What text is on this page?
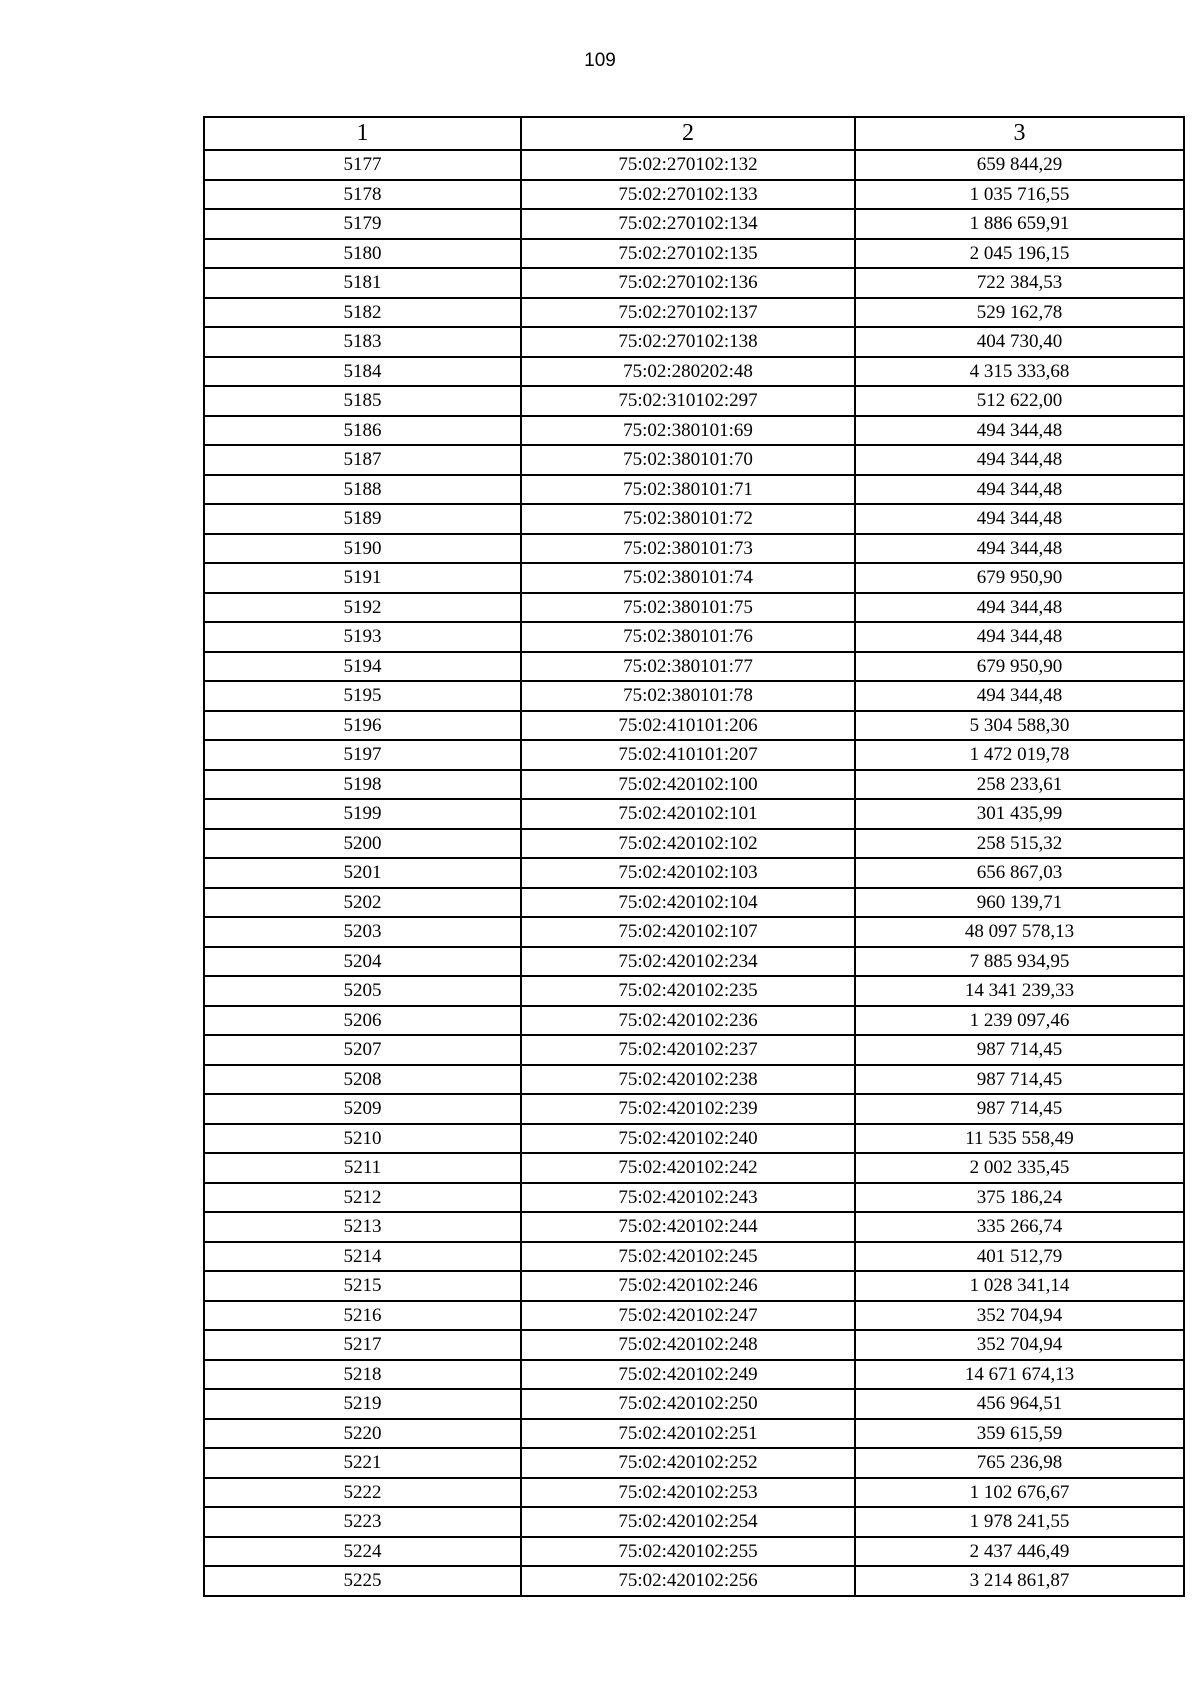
109
1	2	3
5177	75:02:270102:132	659 844,29
5178	75:02:270102:133	1 035 716,55
5179	75:02:270102:134	1 886 659,91
5180	75:02:270102:135	2 045 196,15
5181	75:02:270102:136	722 384,53
5182	75:02:270102:137	529 162,78
5183	75:02:270102:138	404 730,40
5184	75:02:280202:48	4 315 333,68
5185	75:02:310102:297	512 622,00
5186	75:02:380101:69	494 344,48
5187	75:02:380101:70	494 344,48
5188	75:02:380101:71	494 344,48
5189	75:02:380101:72	494 344,48
5190	75:02:380101:73	494 344,48
5191	75:02:380101:74	679 950,90
5192	75:02:380101:75	494 344,48
5193	75:02:380101:76	494 344,48
5194	75:02:380101:77	679 950,90
5195	75:02:380101:78	494 344,48
5196	75:02:410101:206	5 304 588,30
5197	75:02:410101:207	1 472 019,78
5198	75:02:420102:100	258 233,61
5199	75:02:420102:101	301 435,99
5200	75:02:420102:102	258 515,32
5201	75:02:420102:103	656 867,03
5202	75:02:420102:104	960 139,71
5203	75:02:420102:107	48 097 578,13
5204	75:02:420102:234	7 885 934,95
5205	75:02:420102:235	14 341 239,33
5206	75:02:420102:236	1 239 097,46
5207	75:02:420102:237	987 714,45
5208	75:02:420102:238	987 714,45
5209	75:02:420102:239	987 714,45
5210	75:02:420102:240	11 535 558,49
5211	75:02:420102:242	2 002 335,45
5212	75:02:420102:243	375 186,24
5213	75:02:420102:244	335 266,74
5214	75:02:420102:245	401 512,79
5215	75:02:420102:246	1 028 341,14
5216	75:02:420102:247	352 704,94
5217	75:02:420102:248	352 704,94
5218	75:02:420102:249	14 671 674,13
5219	75:02:420102:250	456 964,51
5220	75:02:420102:251	359 615,59
5221	75:02:420102:252	765 236,98
5222	75:02:420102:253	1 102 676,67
5223	75:02:420102:254	1 978 241,55
5224	75:02:420102:255	2 437 446,49
5225	75:02:420102:256	3 214 861,87
